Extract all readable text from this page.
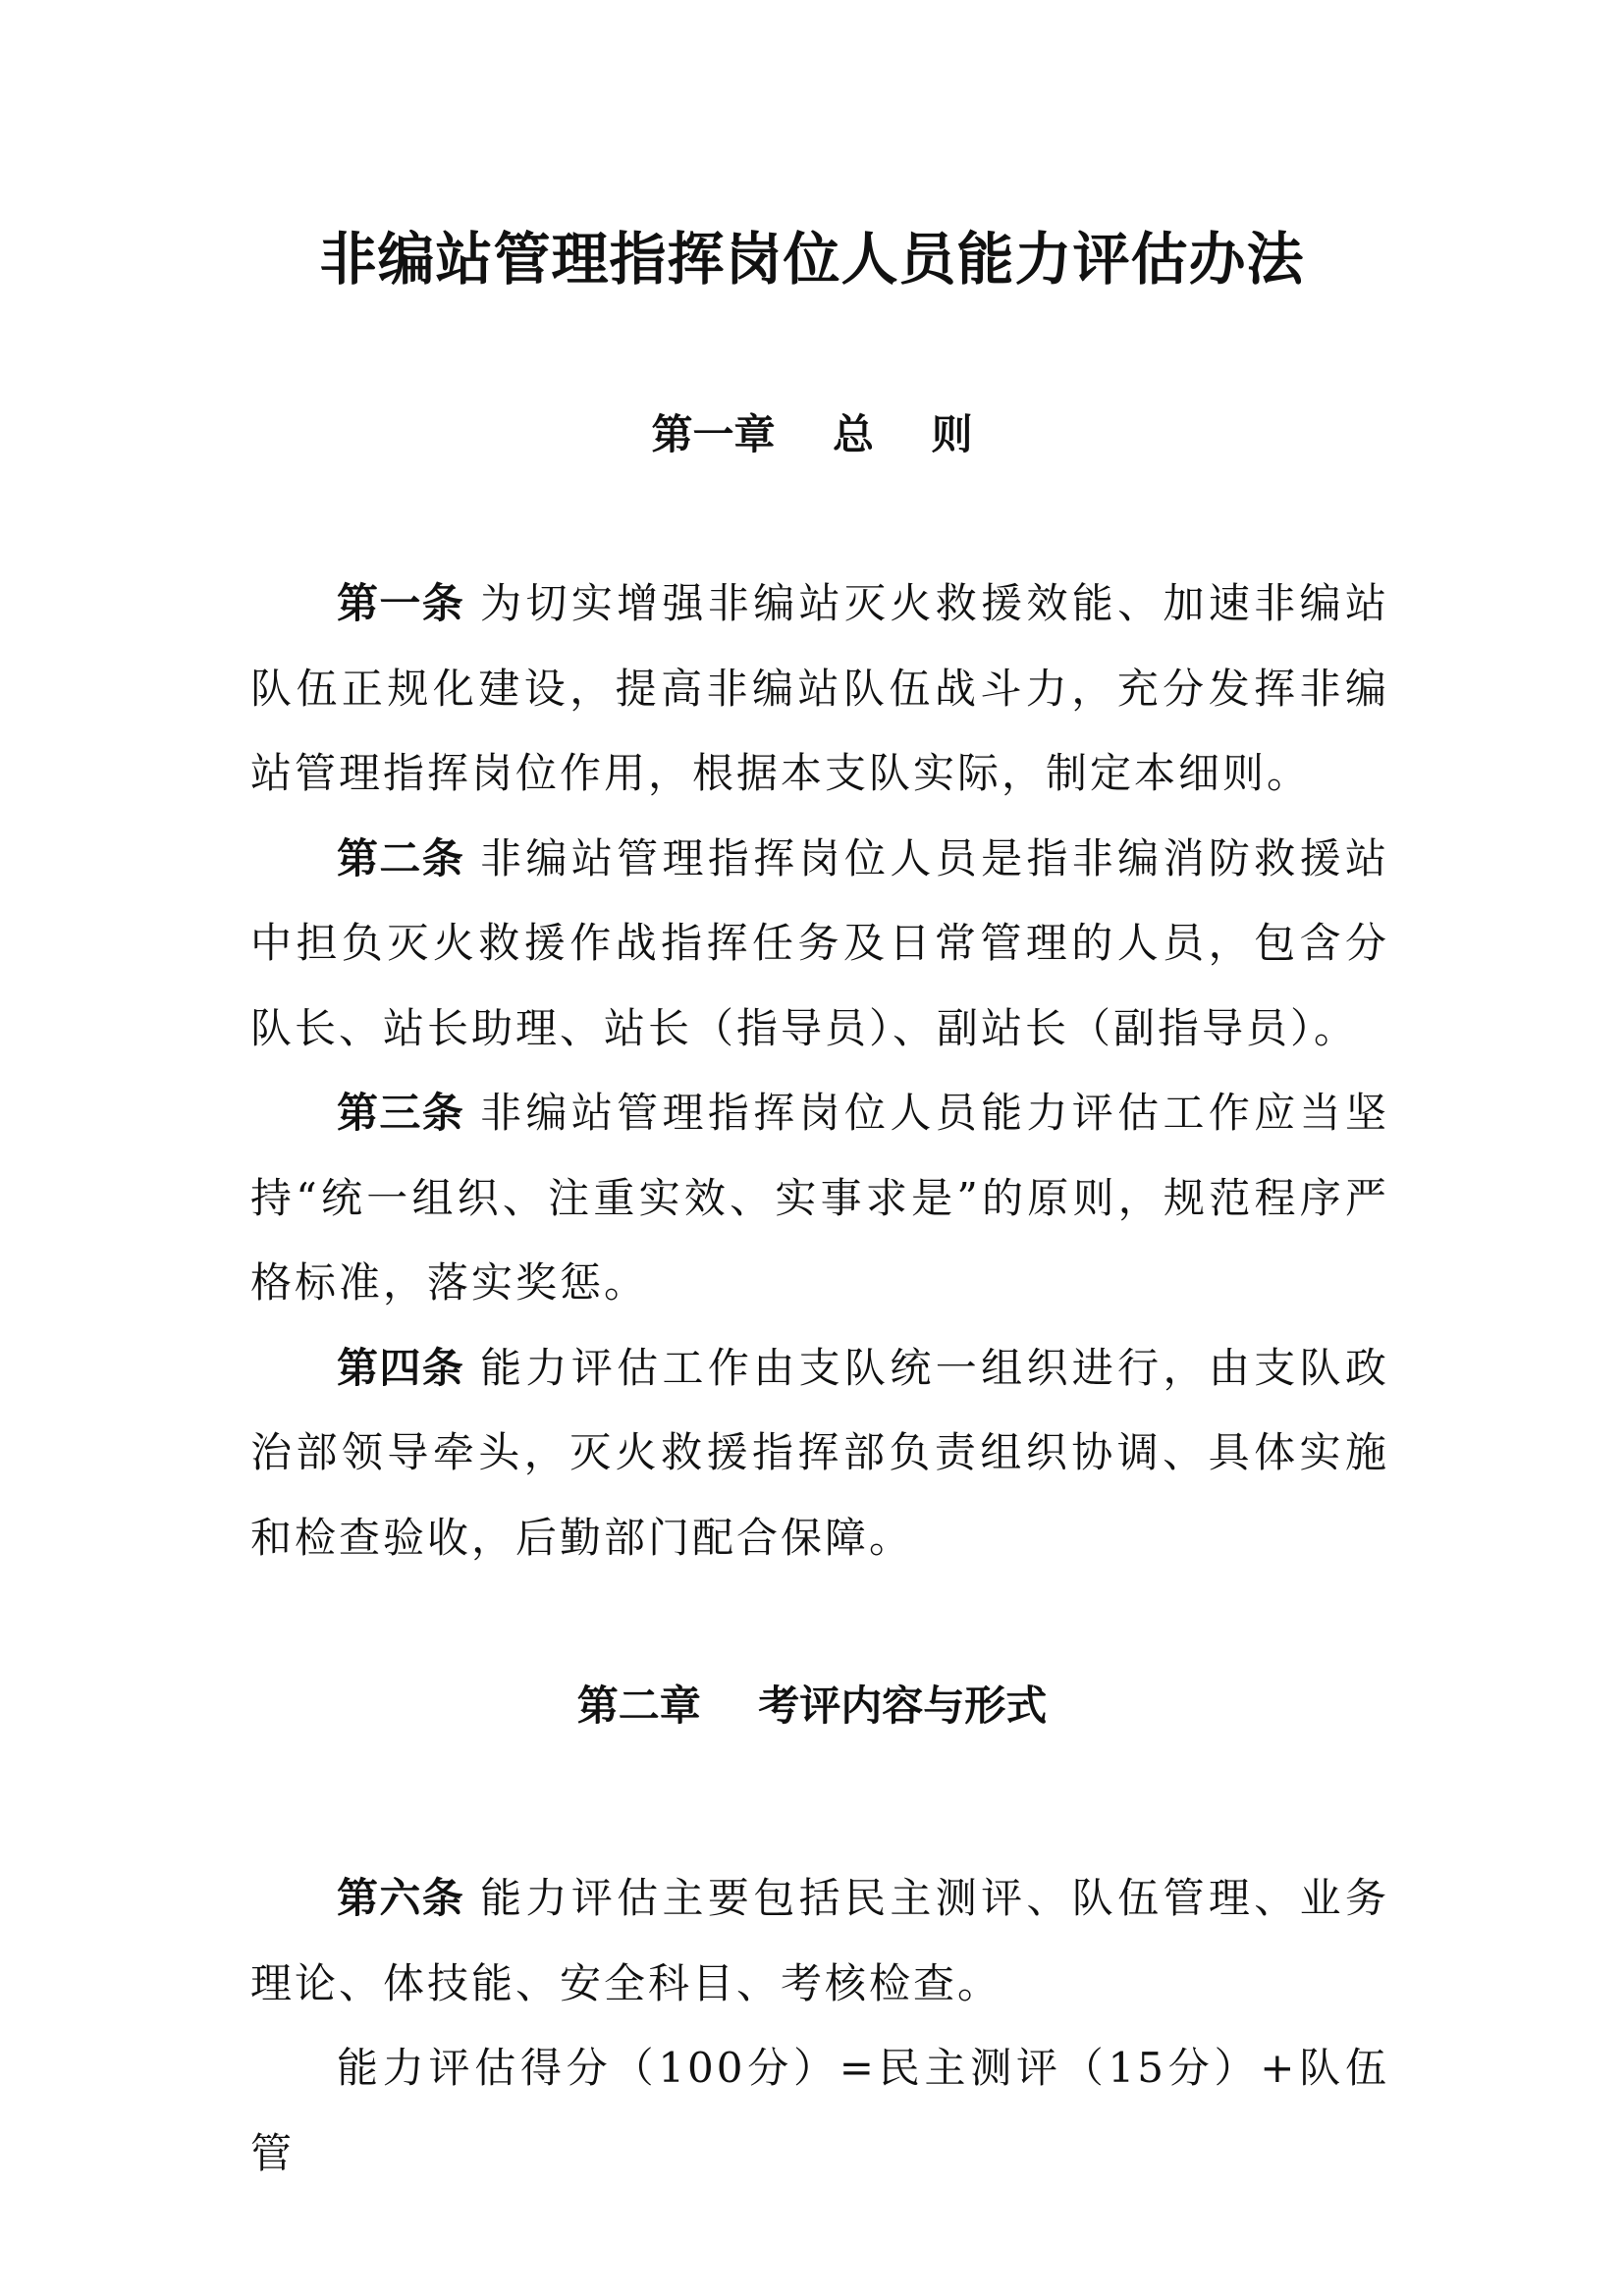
非编站管理指挥岗位人员能力评估办法
第一章    总    则

第一条 为切实增强非编站灭火救援效能、加速非编站队伍正规化建设，提高非编站队伍战斗力，充分发挥非编站管理指挥岗位作用，根据本支队实际，制定本细则。

第二条 非编站管理指挥岗位人员是指非编消防救援站中担负灭火救援作战指挥任务及日常管理的人员，包含分队长、站长助理、站长（指导员）、副站长（副指导员）。

第三条 非编站管理指挥岗位人员能力评估工作应当坚持“统一组织、注重实效、实事求是”的原则，规范程序严格标准，落实奖惩。

第四条 能力评估工作由支队统一组织进行，由支队政治部领导牵头，灭火救援指挥部负责组织协调、具体实施和检查验收，后勤部门配合保障。

第二章    考评内容与形式

第六条 能力评估主要包括民主测评、队伍管理、业务理论、体技能、安全科目、考核检查。

能力评估得分（100分）=民主测评（15分）+队伍管
